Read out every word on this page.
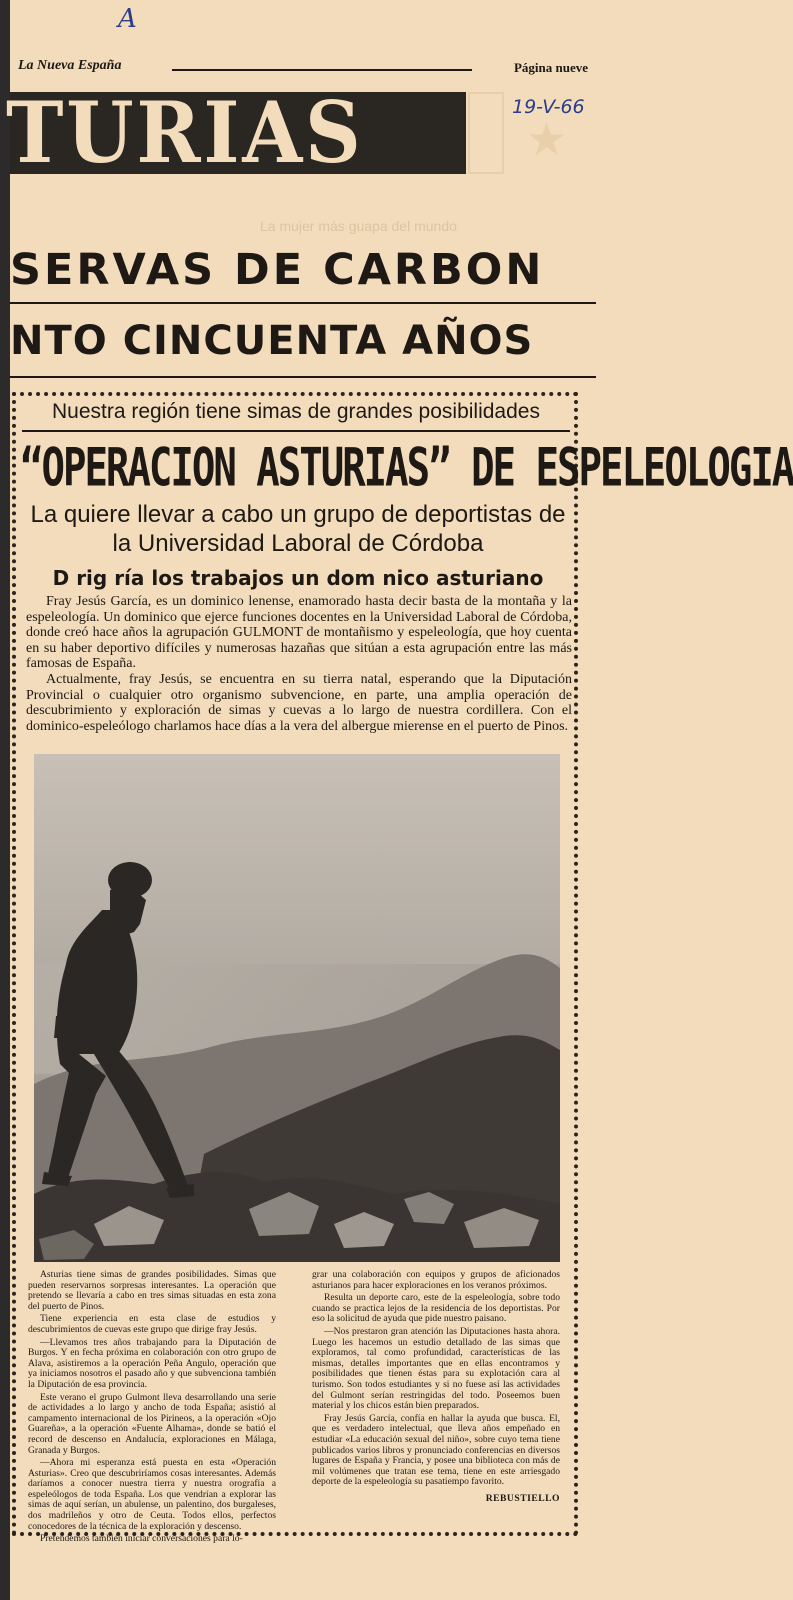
A
La Nueva España	Página nueve
TURIAS	★
19-V-66
La mujer más guapa del mundo
SERVAS DE CARBON
NTO CINCUENTA AÑOS
Nuestra región tiene simas de grandes posibilidades
“OPERACION ASTURIAS” DE ESPELEOLOGIA
La quiere llevar a cabo un grupo de deportistas de la Universidad Laboral de Córdoba
D rig ría los trabajos un dom nico asturiano

Fray Jesús García, es un dominico lenense, enamorado hasta decir basta de la montaña y la espeleología. Un dominico que ejerce funciones docentes en la Universidad Laboral de Córdoba, donde creó hace años la agrupación GULMONT de montañismo y espeleología, que hoy cuenta en su haber deportivo difíciles y numerosas hazañas que sitúan a esta agrupación entre las más famosas de España.

Actualmente, fray Jesús, se encuentra en su tierra natal, esperando que la Diputación Provincial o cualquier otro organismo subvencione, en parte, una amplia operación de descubrimiento y exploración de simas y cuevas a lo largo de nuestra cordillera. Con el dominico-espeleólogo charlamos hace días a la vera del albergue mierense en el puerto de Pinos.

Asturias tiene simas de grandes posibilidades. Simas que pueden reservarnos sorpresas interesantes. La operación que pretendo se llevaría a cabo en tres simas situadas en esta zona del puerto de Pinos.

Tiene experiencia en esta clase de estudios y descubrimientos de cuevas este grupo que dirige fray Jesús.

—Llevamos tres años trabajando para la Diputación de Burgos. Y en fecha próxima en colaboración con otro grupo de Alava, asistiremos a la operación Peña Angulo, operación que ya iniciamos nosotros el pasado año y que subvenciona también la Diputación de esa provincia.

Este verano el grupo Gulmont lleva desarrollando una serie de actividades a lo largo y ancho de toda España; asistió al campamento internacional de los Pirineos, a la operación «Ojo Guareña», a la operación «Fuente Alhama», donde se batió el record de descenso en Andalucía, exploraciones en Málaga, Granada y Burgos.

—Ahora mi esperanza está puesta en esta «Operación Asturias». Creo que descubriríamos cosas interesantes. Además daríamos a conocer nuestra tierra y nuestra orografía a espeleólogos de toda España. Los que vendrían a explorar las simas de aquí serían, un abulense, un palentino, dos burgaleses, dos madrileños y otro de Ceuta. Todos ellos, perfectos conocedores de la técnica de la exploración y descenso.

Pretendemos también iniciar conversaciones para lo-

grar una colaboración con equipos y grupos de aficionados asturianos para hacer exploraciones en los veranos próximos.

Resulta un deporte caro, este de la espeleología, sobre todo cuando se practica lejos de la residencia de los deportistas. Por eso la solicitud de ayuda que pide nuestro paisano.

—Nos prestaron gran atención las Diputaciones hasta ahora. Luego les hacemos un estudio detallado de las simas que exploramos, tal como profundidad, características de las mismas, detalles importantes que en ellas encontramos y posibilidades que tienen éstas para su explotación cara al turismo. Son todos estudiantes y si no fuese así las actividades del Gulmont serían restringidas del todo. Poseemos buen material y los chicos están bien preparados.

Fray Jesús García, confía en hallar la ayuda que busca. El, que es verdadero intelectual, que lleva años empeñado en estudiar «La educación sexual del niño», sobre cuyo tema tiene publicados varios libros y pronunciado conferencias en diversos lugares de España y Francia, y posee una biblioteca con más de mil volúmenes que tratan ese tema, tiene en este arriesgado deporte de la espeleología su pasatiempo favorito.

REBUSTIELLO
